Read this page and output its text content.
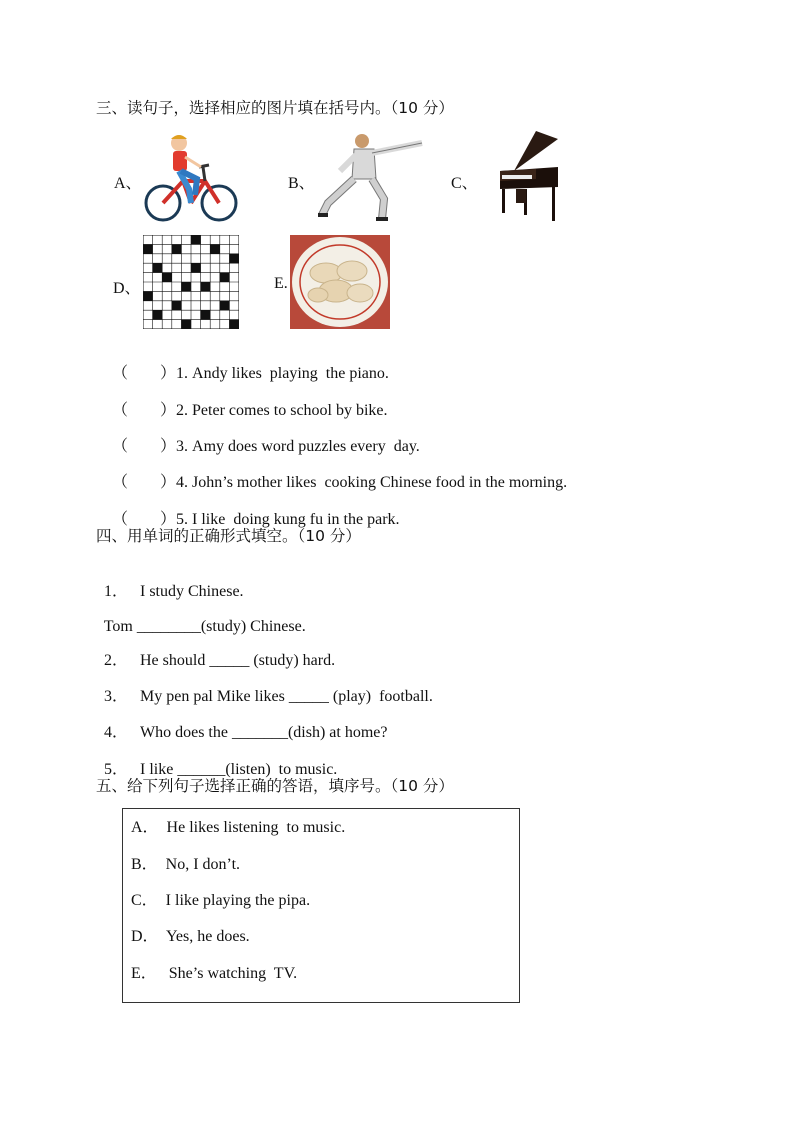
三、读句子，选择相应的图片填在括号内。（10 分）
A、	B、	C、
D、	E.

（　　）1. Andy likes  playing  the piano.

（　　）2. Peter comes to school by bike.

（　　）3. Amy does word puzzles every  day.

（　　）4. John’s mother likes  cooking Chinese food in the morning.

（　　）5. I like  doing kung fu in the park.

四、用单词的正确形式填空。（10 分）

1． I study Chinese.

Tom ________(study) Chinese.

2． He should _____ (study) hard.

3． My pen pal Mike likes _____ (play)  football.

4． Who does the _______(dish) at home?

5． I like ______(listen)  to music.

五、给下列句子选择正确的答语，填序号。（10 分）
A．  He likes listening  to music.
B．  No, I don’t.
C．  I like playing the pipa.
D．  Yes, he does.
E．   She’s watching  TV.
